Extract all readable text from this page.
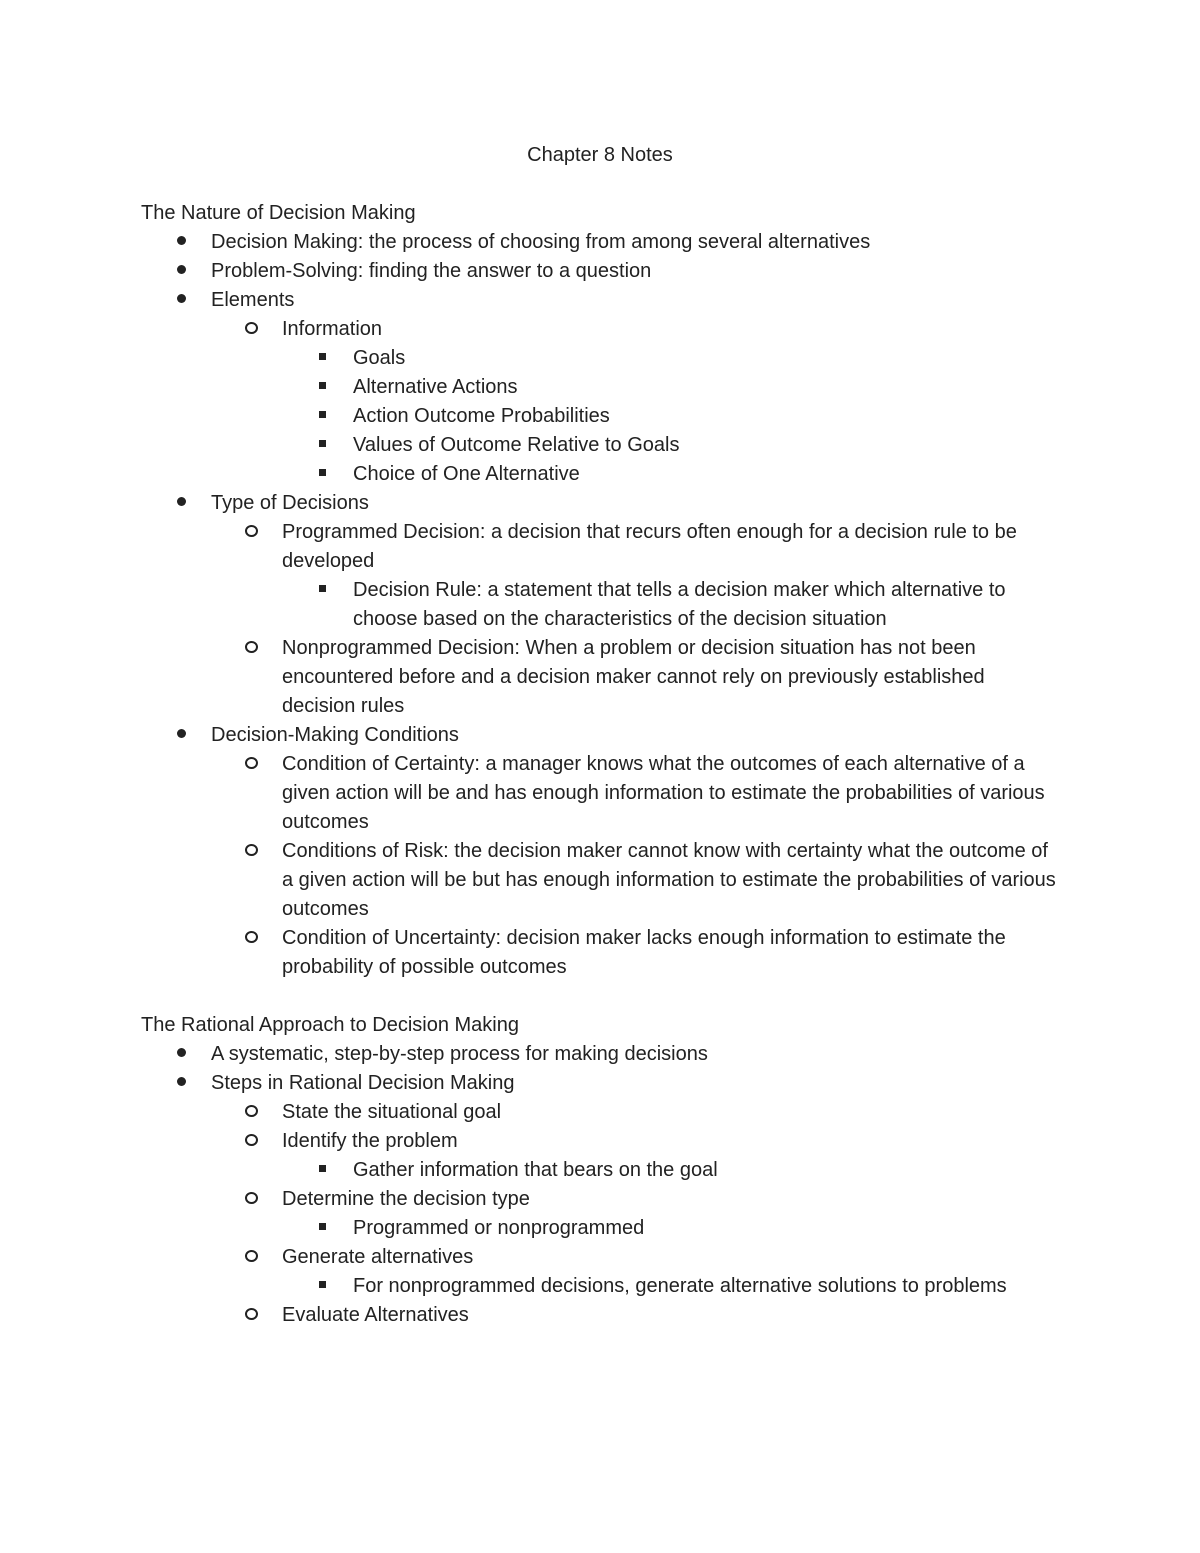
Chapter 8 Notes
The Nature of Decision Making
Decision Making: the process of choosing from among several alternatives
Problem-Solving: finding the answer to a question
Elements
Information
Goals
Alternative Actions
Action Outcome Probabilities
Values of Outcome Relative to Goals
Choice of One Alternative
Type of Decisions
Programmed Decision: a decision that recurs often enough for a decision rule to be developed
Decision Rule: a statement that tells a decision maker which alternative to choose based on the characteristics of the decision situation
Nonprogrammed Decision: When a problem or decision situation has not been encountered before and a decision maker cannot rely on previously established decision rules
Decision-Making Conditions
Condition of Certainty: a manager knows what the outcomes of each alternative of a given action will be and has enough information to estimate the probabilities of various outcomes
Conditions of Risk: the decision maker cannot know with certainty what the outcome of a given action will be but has enough information to estimate the probabilities of various outcomes
Condition of Uncertainty: decision maker lacks enough information to estimate the probability of possible outcomes
The Rational Approach to Decision Making
A systematic, step-by-step process for making decisions
Steps in Rational Decision Making
State the situational goal
Identify the problem
Gather information that bears on the goal
Determine the decision type
Programmed or nonprogrammed
Generate alternatives
For nonprogrammed decisions, generate alternative solutions to problems
Evaluate Alternatives
